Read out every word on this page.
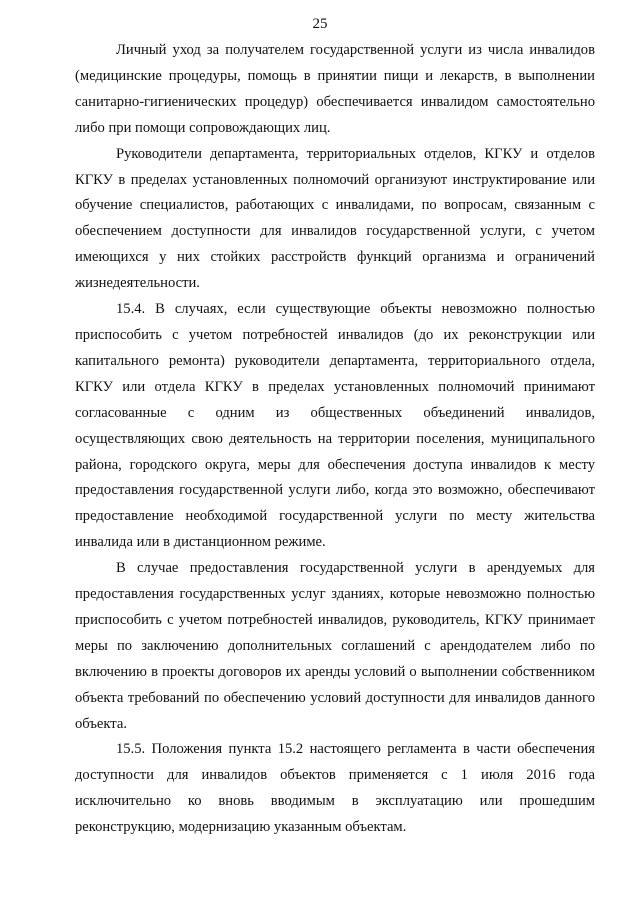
25

Личный уход за получателем государственной услуги из числа инвалидов (медицинские процедуры, помощь в принятии пищи и лекарств, в выполнении санитарно-гигиенических процедур) обеспечивается инвалидом самостоятельно либо при помощи сопровождающих лиц.

Руководители департамента, территориальных отделов, КГКУ и отделов КГКУ в пределах установленных полномочий организуют инструктирование или обучение специалистов, работающих с инвалидами, по вопросам, связанным с обеспечением доступности для инвалидов государственной услуги, с учетом имеющихся у них стойких расстройств функций организма и ограничений жизнедеятельности.

15.4. В случаях, если существующие объекты невозможно полностью приспособить с учетом потребностей инвалидов (до их реконструкции или капитального ремонта) руководители департамента, территориального отдела, КГКУ или отдела КГКУ в пределах установленных полномочий принимают согласованные с одним из общественных объединений инвалидов, осуществляющих свою деятельность на территории поселения, муниципального района, городского округа, меры для обеспечения доступа инвалидов к месту предоставления государственной услуги либо, когда это возможно, обеспечивают предоставление необходимой государственной услуги по месту жительства инвалида или в дистанционном режиме.

В случае предоставления государственной услуги в арендуемых для предоставления государственных услуг зданиях, которые невозможно полностью приспособить с учетом потребностей инвалидов, руководитель, КГКУ принимает меры по заключению дополнительных соглашений с арендодателем либо по включению в проекты договоров их аренды условий о выполнении собственником объекта требований по обеспечению условий доступности для инвалидов данного объекта.

15.5. Положения пункта 15.2 настоящего регламента в части обеспечения доступности для инвалидов объектов применяется с 1 июля 2016 года исключительно ко вновь вводимым в эксплуатацию или прошедшим реконструкцию, модернизацию указанным объектам.
